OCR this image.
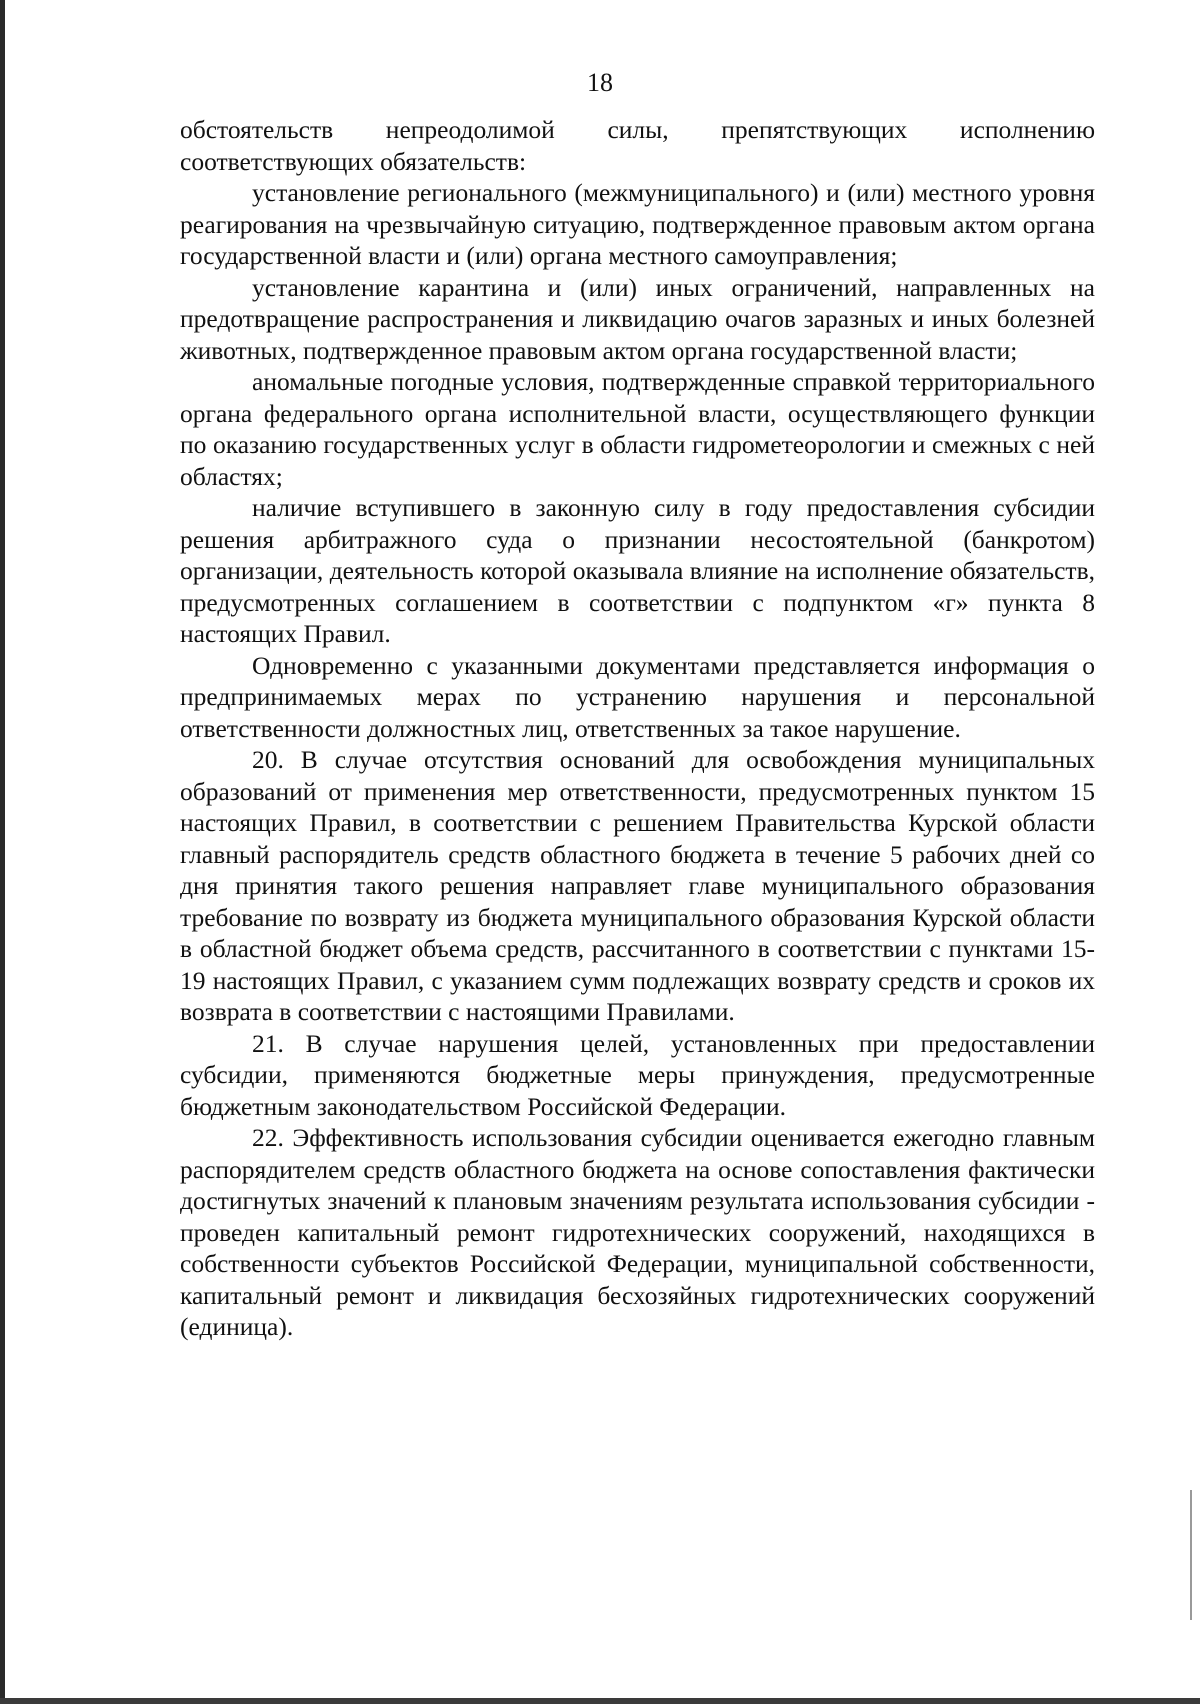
18

обстоятельств непреодолимой силы, препятствующих исполнению соответствующих обязательств:

установление регионального (межмуниципального) и (или) местного уровня реагирования на чрезвычайную ситуацию, подтвержденное правовым актом органа государственной власти и (или) органа местного самоуправления;

установление карантина и (или) иных ограничений, направленных на предотвращение распространения и ликвидацию очагов заразных и иных болезней животных, подтвержденное правовым актом органа государственной власти;

аномальные погодные условия, подтвержденные справкой территориального органа федерального органа исполнительной власти, осуществляющего функции по оказанию государственных услуг в области гидрометеорологии и смежных с ней областях;

наличие вступившего в законную силу в году предоставления субсидии решения арбитражного суда о признании несостоятельной (банкротом) организации, деятельность которой оказывала влияние на исполнение обязательств, предусмотренных соглашением в соответствии с подпунктом «г» пункта 8 настоящих Правил.

Одновременно с указанными документами представляется информация о предпринимаемых мерах по устранению нарушения и персональной ответственности должностных лиц, ответственных за такое нарушение.

20. В случае отсутствия оснований для освобождения муниципальных образований от применения мер ответственности, предусмотренных пунктом 15 настоящих Правил, в соответствии с решением Правительства Курской области главный распорядитель средств областного бюджета в течение 5 рабочих дней со дня принятия такого решения направляет главе муниципального образования требование по возврату из бюджета муниципального образования Курской области в областной бюджет объема средств, рассчитанного в соответствии с пунктами 15-19 настоящих Правил, с указанием сумм подлежащих возврату средств и сроков их возврата в соответствии с настоящими Правилами.

21. В случае нарушения целей, установленных при предоставлении субсидии, применяются бюджетные меры принуждения, предусмотренные бюджетным законодательством Российской Федерации.

22. Эффективность использования субсидии оценивается ежегодно главным распорядителем средств областного бюджета на основе сопоставления фактически достигнутых значений к плановым значениям результата использования субсидии - проведен капитальный ремонт гидротехнических сооружений, находящихся в собственности субъектов Российской Федерации, муниципальной собственности, капитальный ремонт и ликвидация бесхозяйных гидротехнических сооружений (единица).
